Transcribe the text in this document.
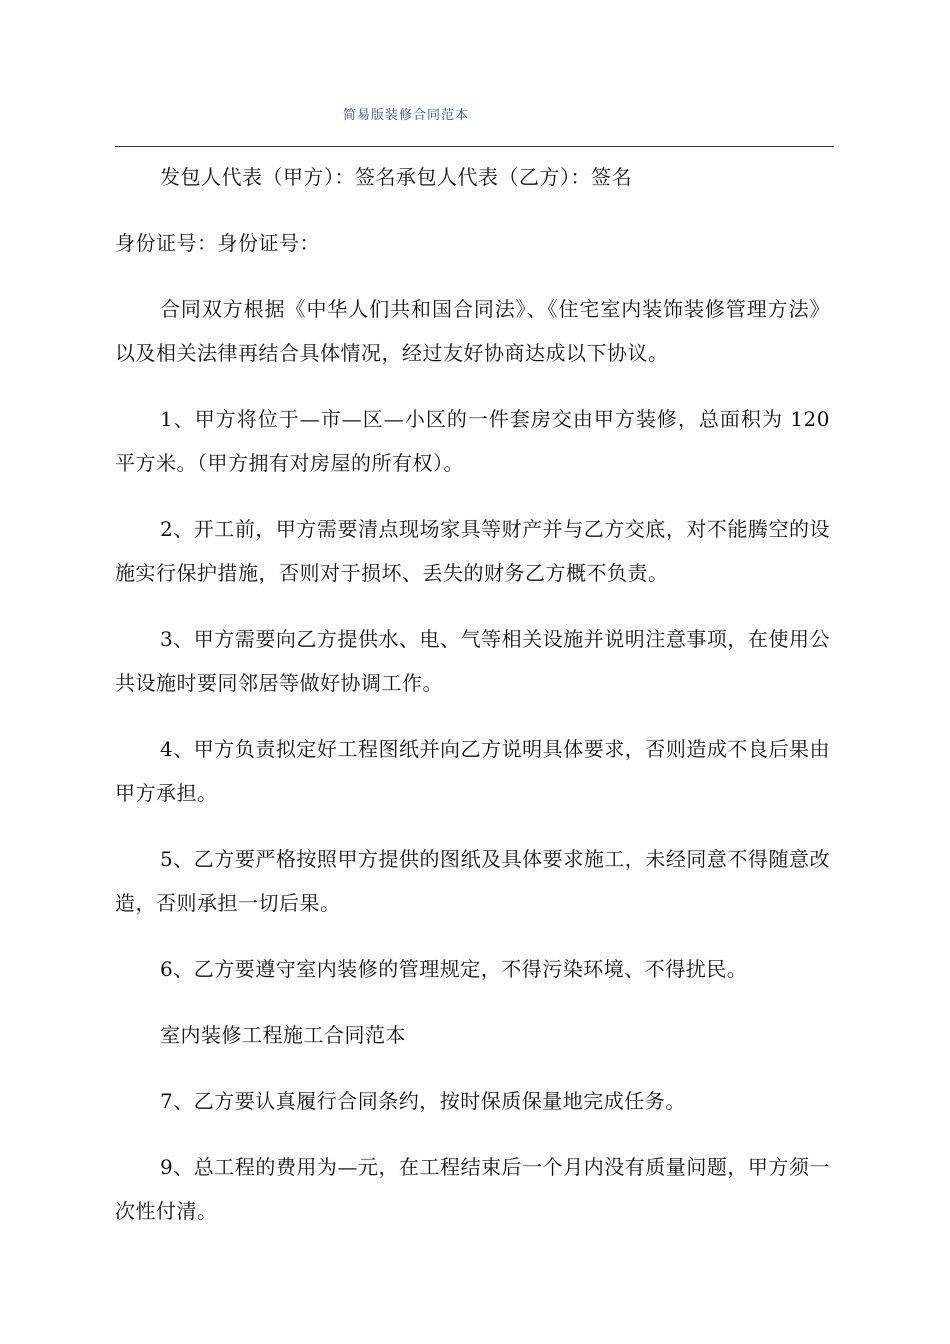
简易版装修合同范本

发包人代表（甲方）：签名承包人代表（乙方）：签名

身份证号：身份证号：

合同双方根据《中华人们共和国合同法》、《住宅室内装饰装修管理方法》以及相关法律再结合具体情况，经过友好协商达成以下协议。

1、甲方将位于—市—区—小区的一件套房交由甲方装修，总面积为 120 平方米。（甲方拥有对房屋的所有权）。

2、开工前，甲方需要清点现场家具等财产并与乙方交底，对不能腾空的设施实行保护措施，否则对于损坏、丢失的财务乙方概不负责。

3、甲方需要向乙方提供水、电、气等相关设施并说明注意事项，在使用公共设施时要同邻居等做好协调工作。

4、甲方负责拟定好工程图纸并向乙方说明具体要求，否则造成不良后果由甲方承担。

5、乙方要严格按照甲方提供的图纸及具体要求施工，未经同意不得随意改造，否则承担一切后果。

6、乙方要遵守室内装修的管理规定，不得污染环境、不得扰民。

室内装修工程施工合同范本

7、乙方要认真履行合同条约，按时保质保量地完成任务。

9、总工程的费用为—元，在工程结束后一个月内没有质量问题，甲方须一次性付清。
